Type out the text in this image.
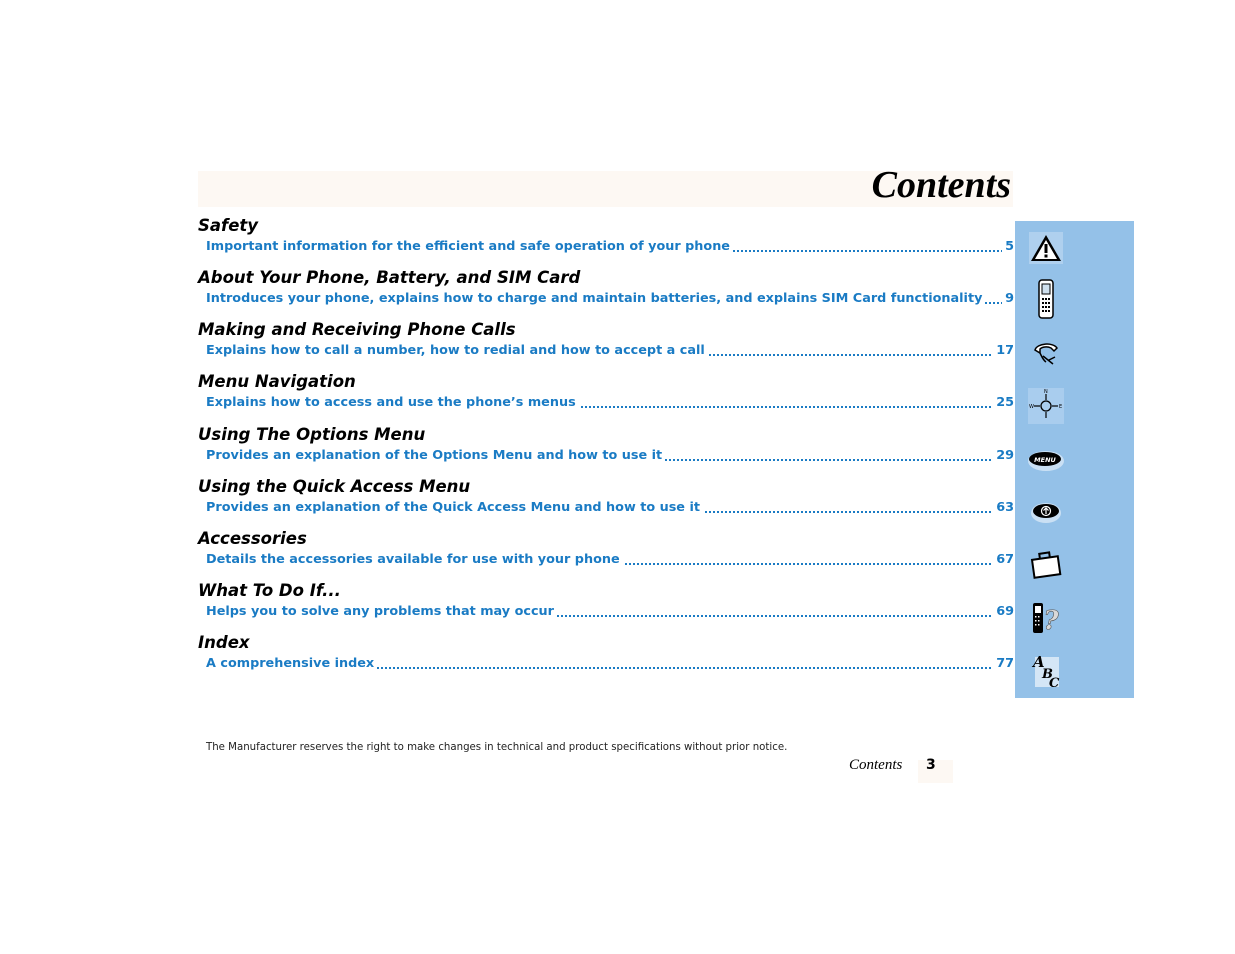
Contents
N
W	E
MENU
?
A
B
C
Safety
Important information for the efficient and safe operation of your phone	5
About Your Phone, Battery, and SIM Card
Introduces your phone, explains how to charge and maintain batteries, and explains SIM Card functionality 9
Making and Receiving Phone Calls
Explains how to call a number, how to redial and how to accept a call	17
Menu Navigation
Explains how to access and use the phone’s menus	25
Using The Options Menu
Provides an explanation of the Options Menu and how to use it	29
Using the Quick Access Menu
Provides an explanation of the Quick Access Menu and how to use it	63
Accessories
Details the accessories available for use with your phone	67
What To Do If...
Helps you to solve any problems that may occur	69
Index
A comprehensive index	77
The Manufacturer reserves the right to make changes in technical and product specifications without prior notice.
Contents 3
